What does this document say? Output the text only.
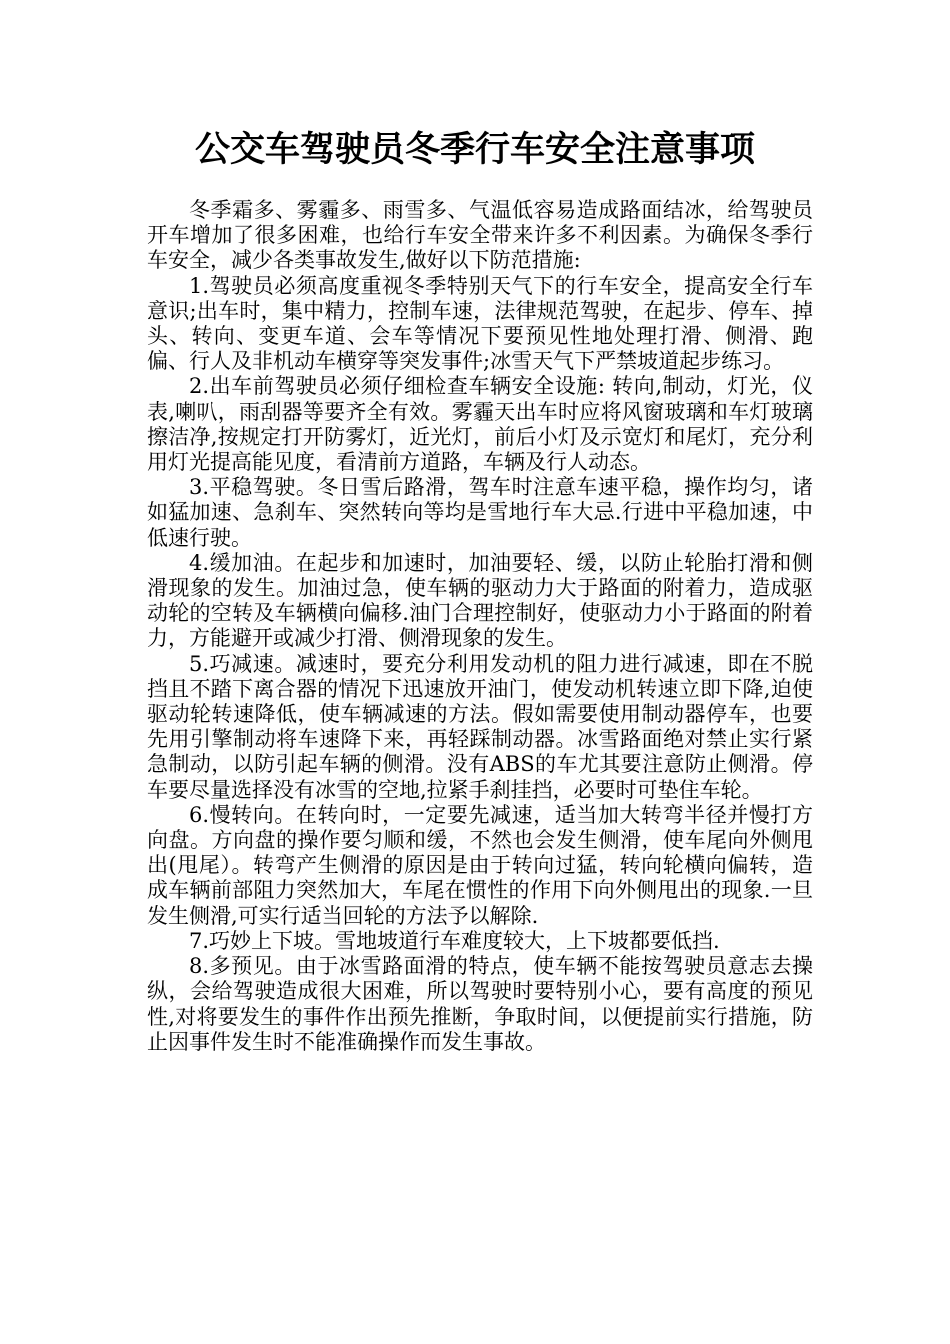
公交车驾驶员冬季行车安全注意事项

冬季霜多、雾霾多、雨雪多、气温低容易造成路面结冰，给驾驶员开车增加了很多困难，也给行车安全带来许多不利因素。为确保冬季行车安全，减少各类事故发生,做好以下防范措施:

1.驾驶员必须高度重视冬季特别天气下的行车安全，提高安全行车意识;出车时，集中精力，控制车速，法律规范驾驶，在起步、停车、掉头、转向、变更车道、会车等情况下要预见性地处理打滑、侧滑、跑偏、行人及非机动车横穿等突发事件;冰雪天气下严禁坡道起步练习。

2.出车前驾驶员必须仔细检查车辆安全设施: 转向,制动，灯光，仪表,喇叭，雨刮器等要齐全有效。雾霾天出车时应将风窗玻璃和车灯玻璃擦洁净,按规定打开防雾灯，近光灯，前后小灯及示宽灯和尾灯，充分利用灯光提高能见度，看清前方道路，车辆及行人动态。

3.平稳驾驶。冬日雪后路滑，驾车时注意车速平稳，操作均匀，诸如猛加速、急刹车、突然转向等均是雪地行车大忌.行进中平稳加速，中低速行驶。

4.缓加油。在起步和加速时，加油要轻、缓，以防止轮胎打滑和侧滑现象的发生。加油过急，使车辆的驱动力大于路面的附着力，造成驱动轮的空转及车辆横向偏移.油门合理控制好，使驱动力小于路面的附着力，方能避开或减少打滑、侧滑现象的发生。

5.巧减速。减速时，要充分利用发动机的阻力进行减速，即在不脱挡且不踏下离合器的情况下迅速放开油门，使发动机转速立即下降,迫使驱动轮转速降低，使车辆减速的方法。假如需要使用制动器停车，也要先用引擎制动将车速降下来，再轻踩制动器。冰雪路面绝对禁止实行紧急制动，以防引起车辆的侧滑。没有ABS的车尤其要注意防止侧滑。停车要尽量选择没有冰雪的空地,拉紧手刹挂挡，必要时可垫住车轮。

6.慢转向。在转向时，一定要先减速，适当加大转弯半径并慢打方向盘。方向盘的操作要匀顺和缓，不然也会发生侧滑，使车尾向外侧甩出(甩尾）。转弯产生侧滑的原因是由于转向过猛，转向轮横向偏转，造成车辆前部阻力突然加大，车尾在惯性的作用下向外侧甩出的现象.一旦发生侧滑,可实行适当回轮的方法予以解除.

7.巧妙上下坡。雪地坡道行车难度较大，上下坡都要低挡.

8.多预见。由于冰雪路面滑的特点，使车辆不能按驾驶员意志去操纵，会给驾驶造成很大困难，所以驾驶时要特别小心，要有高度的预见性,对将要发生的事件作出预先推断，争取时间，以便提前实行措施，防止因事件发生时不能准确操作而发生事故。
